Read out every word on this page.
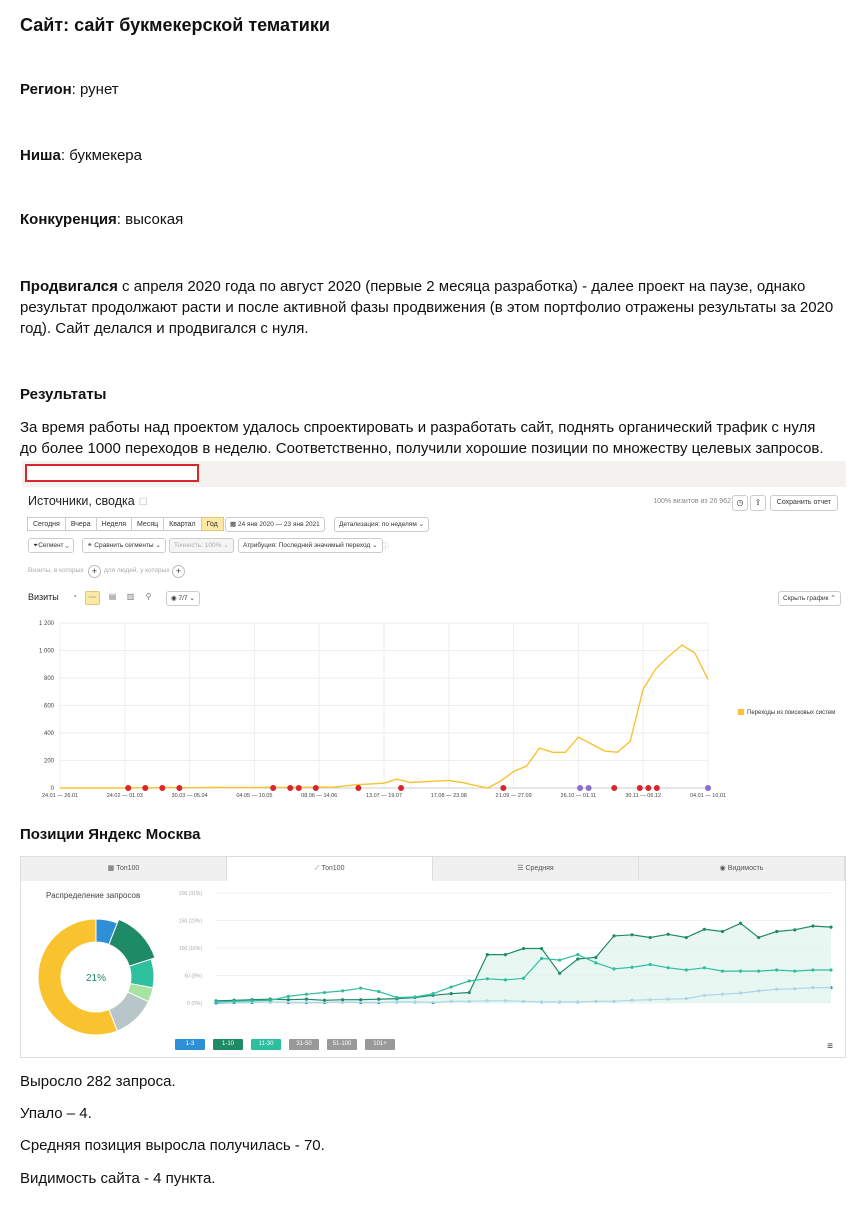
Сайт: сайт букмекерской тематики
Регион: рунет
Ниша: букмекера
Конкуренция: высокая
Продвигался с апреля 2020 года по август 2020 (первые 2 месяца разработка) - далее проект на паузе, однако результат продолжают расти и после активной фазы продвижения (в этом портфолио отражены результаты за 2020 год). Сайт делался и продвигался с нуля.
Результаты
За время работы над проектом удалось спроектировать и разработать сайт, поднять органический трафик с нуля до более 1000 переходов в неделю. Соответственно, получили хорошие позиции по множеству целевых запросов.
Источники, сводка ☐	100% визитов из 26 962 ◷	⇪	Сохранить отчет
Сегодня	Вчера	Неделя	Месяц	Квартал	Год	▦ 24 янв 2020 — 23 янв 2021	Детализация: по неделям ⌄
⏷Сегмент ⌄	⚭ Сравнить сегменты ⌄	Точность: 100% ⌄	Атрибуция: Последний значимый переход ⌄ ⓘ
Визиты, в которых +	для людей, у которых +
Визиты	◔	〰	▤	▥	⚲	◉ 7/7 ⌄	Скрыть график ⌃
0
200
400
600
800
1 000
1 200
24.01 — 26.01	24.02 — 01.03	30.03 — 05.04	04.05 — 10.05	08.06 — 14.06	13.07 — 19.07	17.08 — 23.08	21.09 — 27.09	26.10 — 01.11	30.11 — 06.12	04.01 — 10.01
Переходы из поисковых систем
Позиции Яндекс Москва
▦ Топ100	⟋ Топ100	☰ Средняя	◉ Видимость
Распределение запросов
21%
0 (0%)
50 (8%)
100 (16%)
150 (23%)
200 (31%)
1-3	1-10	11-30	31-50	51-100	101+	≡
Выросло 282 запроса.
Упало – 4.
Средняя позиция выросла получилась - 70.
Видимость сайта - 4 пункта.
